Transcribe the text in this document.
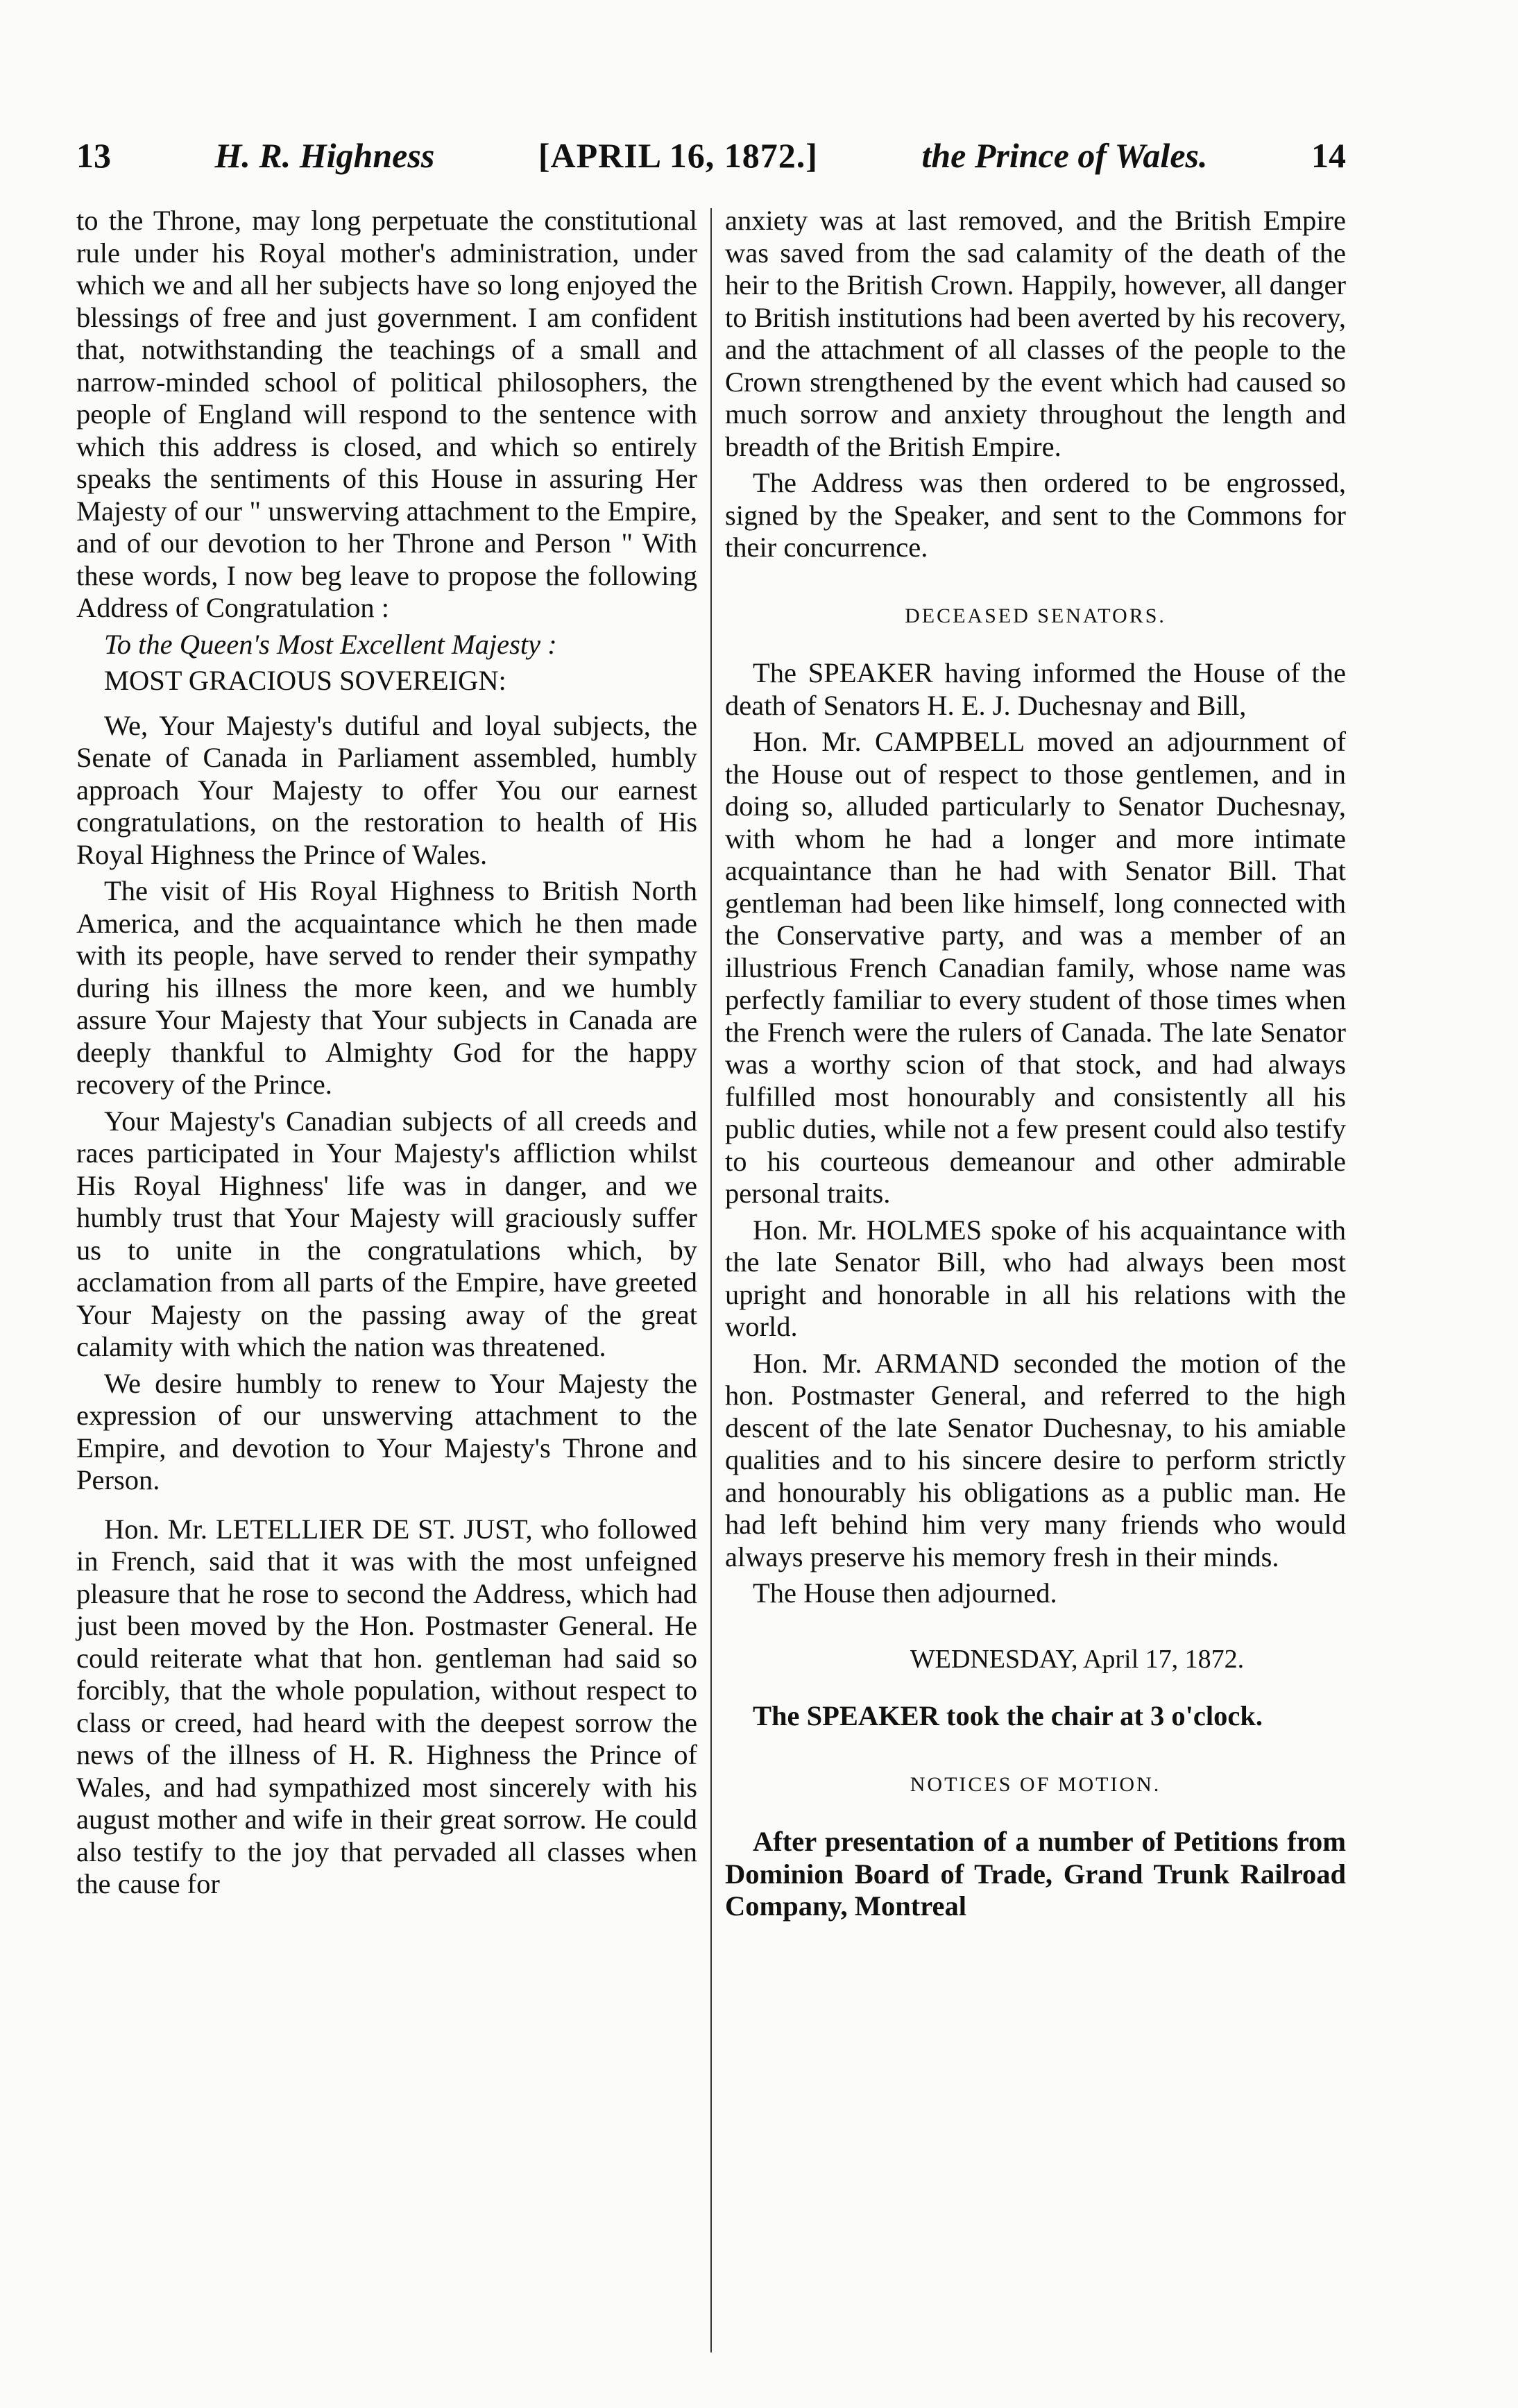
13	H. R. Highness	[APRIL 16, 1872.]	the Prince of Wales.	14

to the Throne, may long perpetuate the constitutional rule under his Royal mother's administration, under which we and all her subjects have so long enjoyed the blessings of free and just government. I am confident that, notwithstanding the teachings of a small and narrow-minded school of political philosophers, the people of England will respond to the sentence with which this address is closed, and which so entirely speaks the sentiments of this House in assuring Her Majesty of our " unswerving attachment to the Empire, and of our devotion to her Throne and Person " With these words, I now beg leave to propose the following Address of Congratulation :

To the Queen's Most Excellent Majesty :

MOST GRACIOUS SOVEREIGN:

We, Your Majesty's dutiful and loyal subjects, the Senate of Canada in Parliament assembled, humbly approach Your Majesty to offer You our earnest congratulations, on the restoration to health of His Royal Highness the Prince of Wales.

The visit of His Royal Highness to British North America, and the acquaintance which he then made with its people, have served to render their sympathy during his illness the more keen, and we humbly assure Your Majesty that Your subjects in Canada are deeply thankful to Almighty God for the happy recovery of the Prince.

Your Majesty's Canadian subjects of all creeds and races participated in Your Majesty's affliction whilst His Royal Highness' life was in danger, and we humbly trust that Your Majesty will graciously suffer us to unite in the congratulations which, by acclamation from all parts of the Empire, have greeted Your Majesty on the passing away of the great calamity with which the nation was threatened.

We desire humbly to renew to Your Majesty the expression of our unswerving attachment to the Empire, and devotion to Your Majesty's Throne and Person.

Hon. Mr. LETELLIER DE ST. JUST, who followed in French, said that it was with the most unfeigned pleasure that he rose to second the Address, which had just been moved by the Hon. Postmaster General. He could reiterate what that hon. gentleman had said so forcibly, that the whole population, without respect to class or creed, had heard with the deepest sorrow the news of the illness of H. R. Highness the Prince of Wales, and had sympathized most sincerely with his august mother and wife in their great sorrow. He could also testify to the joy that pervaded all classes when the cause for

anxiety was at last removed, and the British Empire was saved from the sad calamity of the death of the heir to the British Crown. Happily, however, all danger to British institutions had been averted by his recovery, and the attachment of all classes of the people to the Crown strengthened by the event which had caused so much sorrow and anxiety throughout the length and breadth of the British Empire.

The Address was then ordered to be engrossed, signed by the Speaker, and sent to the Commons for their concurrence.

DECEASED SENATORS.

The SPEAKER having informed the House of the death of Senators H. E. J. Duchesnay and Bill,

Hon. Mr. CAMPBELL moved an adjournment of the House out of respect to those gentlemen, and in doing so, alluded particularly to Senator Duchesnay, with whom he had a longer and more intimate acquaintance than he had with Senator Bill. That gentleman had been like himself, long connected with the Conservative party, and was a member of an illustrious French Canadian family, whose name was perfectly familiar to every student of those times when the French were the rulers of Canada. The late Senator was a worthy scion of that stock, and had always fulfilled most honourably and consistently all his public duties, while not a few present could also testify to his courteous demeanour and other admirable personal traits.

Hon. Mr. HOLMES spoke of his acquaintance with the late Senator Bill, who had always been most upright and honorable in all his relations with the world.

Hon. Mr. ARMAND seconded the motion of the hon. Postmaster General, and referred to the high descent of the late Senator Duchesnay, to his amiable qualities and to his sincere desire to perform strictly and honourably his obligations as a public man. He had left behind him very many friends who would always preserve his memory fresh in their minds.

The House then adjourned.

WEDNESDAY, April 17, 1872.

The SPEAKER took the chair at 3 o'clock.

NOTICES OF MOTION.

After presentation of a number of Petitions from Dominion Board of Trade, Grand Trunk Railroad Company, Montreal
